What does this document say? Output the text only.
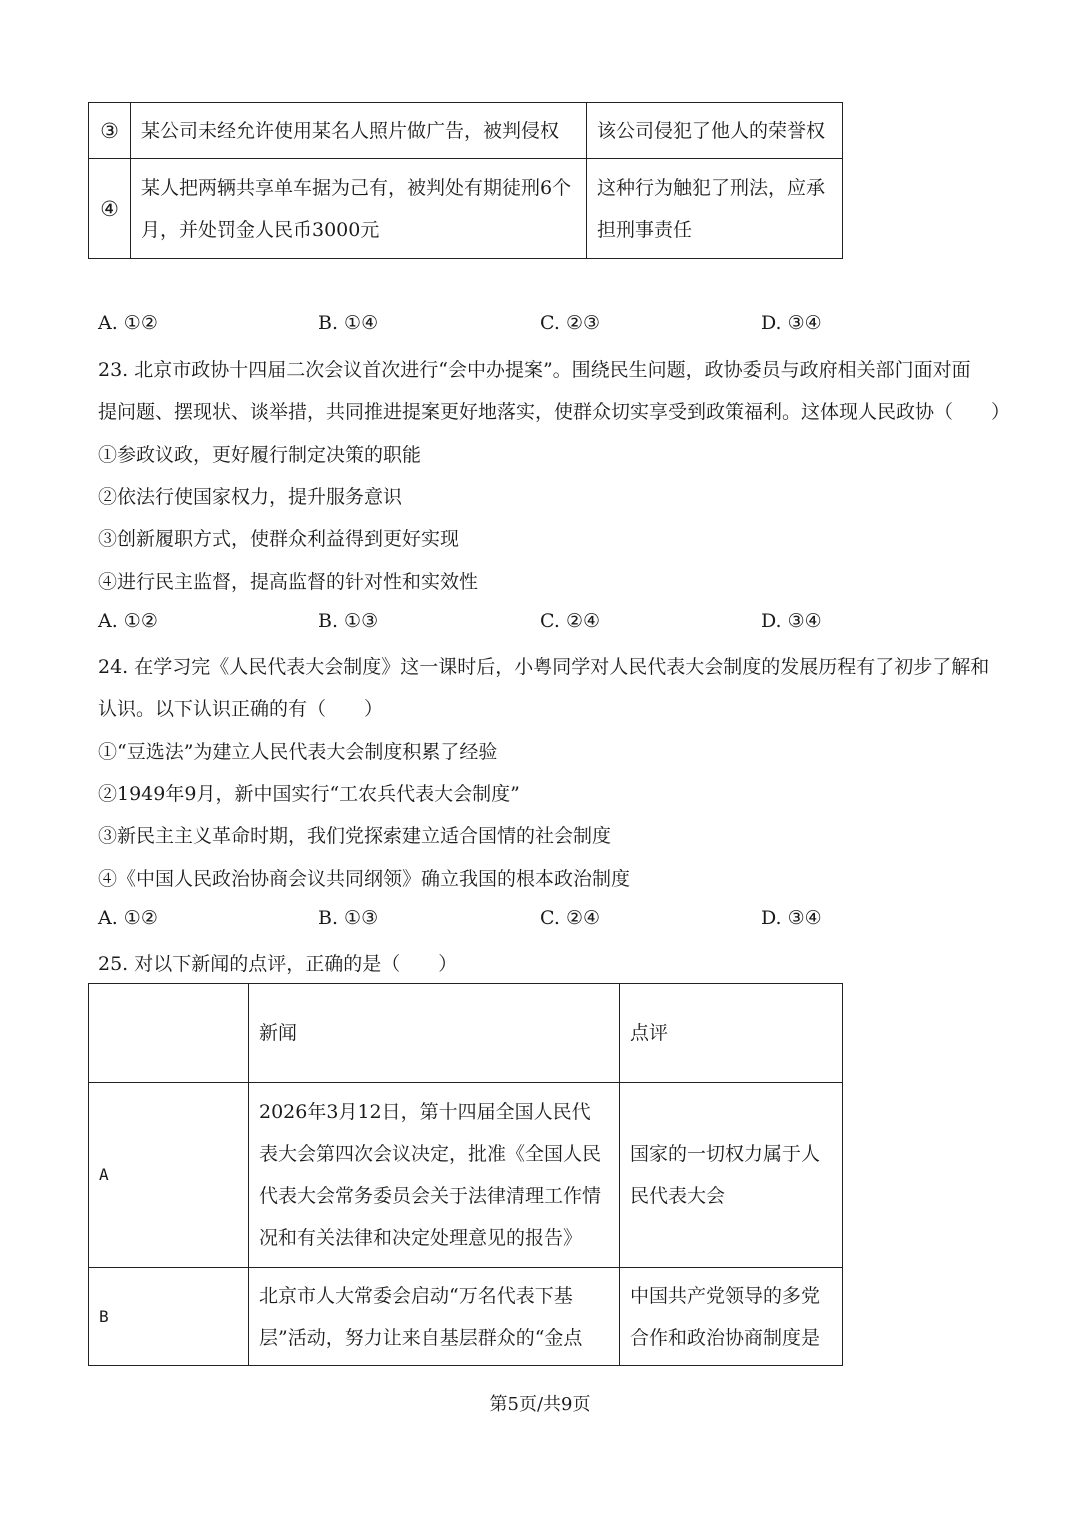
③	某公司未经允许使用某名人照片做广告，被判侵权	该公司侵犯了他人的荣誉权
④	某人把两辆共享单车据为己有，被判处有期徒刑6个月，并处罚金人民币3000元	这种行为触犯了刑法，应承担刑事责任
A. ①②	B. ①④	C. ②③	D. ③④
23. 北京市政协十四届二次会议首次进行“会中办提案”。围绕民生问题，政协委员与政府相关部门面对面
提问题、摆现状、谈举措，共同推进提案更好地落实，使群众切实享受到政策福利。这体现人民政协（　　）
①参政议政，更好履行制定决策的职能
②依法行使国家权力，提升服务意识
③创新履职方式，使群众利益得到更好实现
④进行民主监督，提高监督的针对性和实效性
A. ①②	B. ①③	C. ②④	D. ③④
24. 在学习完《人民代表大会制度》这一课时后，小粤同学对人民代表大会制度的发展历程有了初步了解和
认识。以下认识正确的有（　　）
①“豆选法”为建立人民代表大会制度积累了经验
②1949年9月，新中国实行“工农兵代表大会制度”
③新民主主义革命时期，我们党探索建立适合国情的社会制度
④《中国人民政治协商会议共同纲领》确立我国的根本政治制度
A. ①②	B. ①③	C. ②④	D. ③④
25. 对以下新闻的点评，正确的是（　　）
	新闻	点评
A	2026年3月12日，第十四届全国人民代表大会第四次会议决定，批准《全国人民代表大会常务委员会关于法律清理工作情况和有关法律和决定处理意见的报告》	国家的一切权力属于人民代表大会
B	北京市人大常委会启动“万名代表下基层”活动，努力让来自基层群众的“金点	中国共产党领导的多党合作和政治协商制度是
第5页/共9页
